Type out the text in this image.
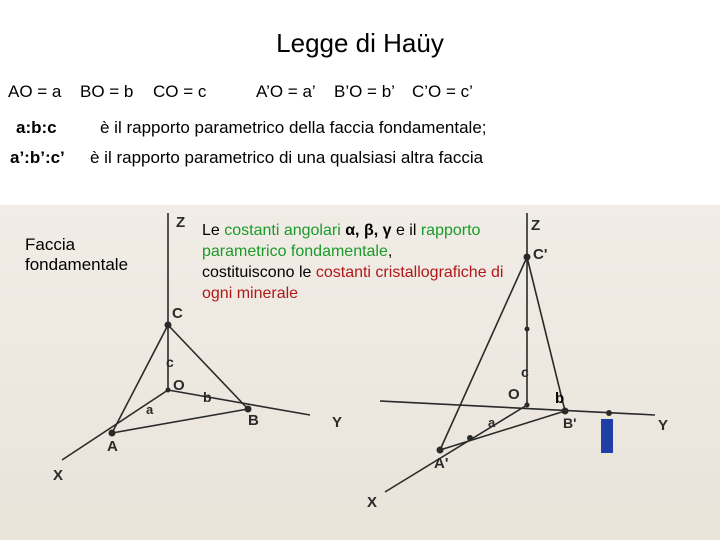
Legge di Haüy
AO = a BO = b CO = c	A’O = a’ B’O = b’ C’O = c’
a:b:c	è il rapporto parametrico della faccia fondamentale;
a’:b’:c’ è il rapporto parametrico di una qualsiasi altra faccia
Z
C
c
O
b
a
B	Y
A
X
Z
C'
c
O b
a	B'	Y
A'
X
Faccia fondamentale
Le costanti angolari α, β, γ e il rapporto parametrico fondamentale,
costituiscono le costanti cristallografiche di ogni minerale
